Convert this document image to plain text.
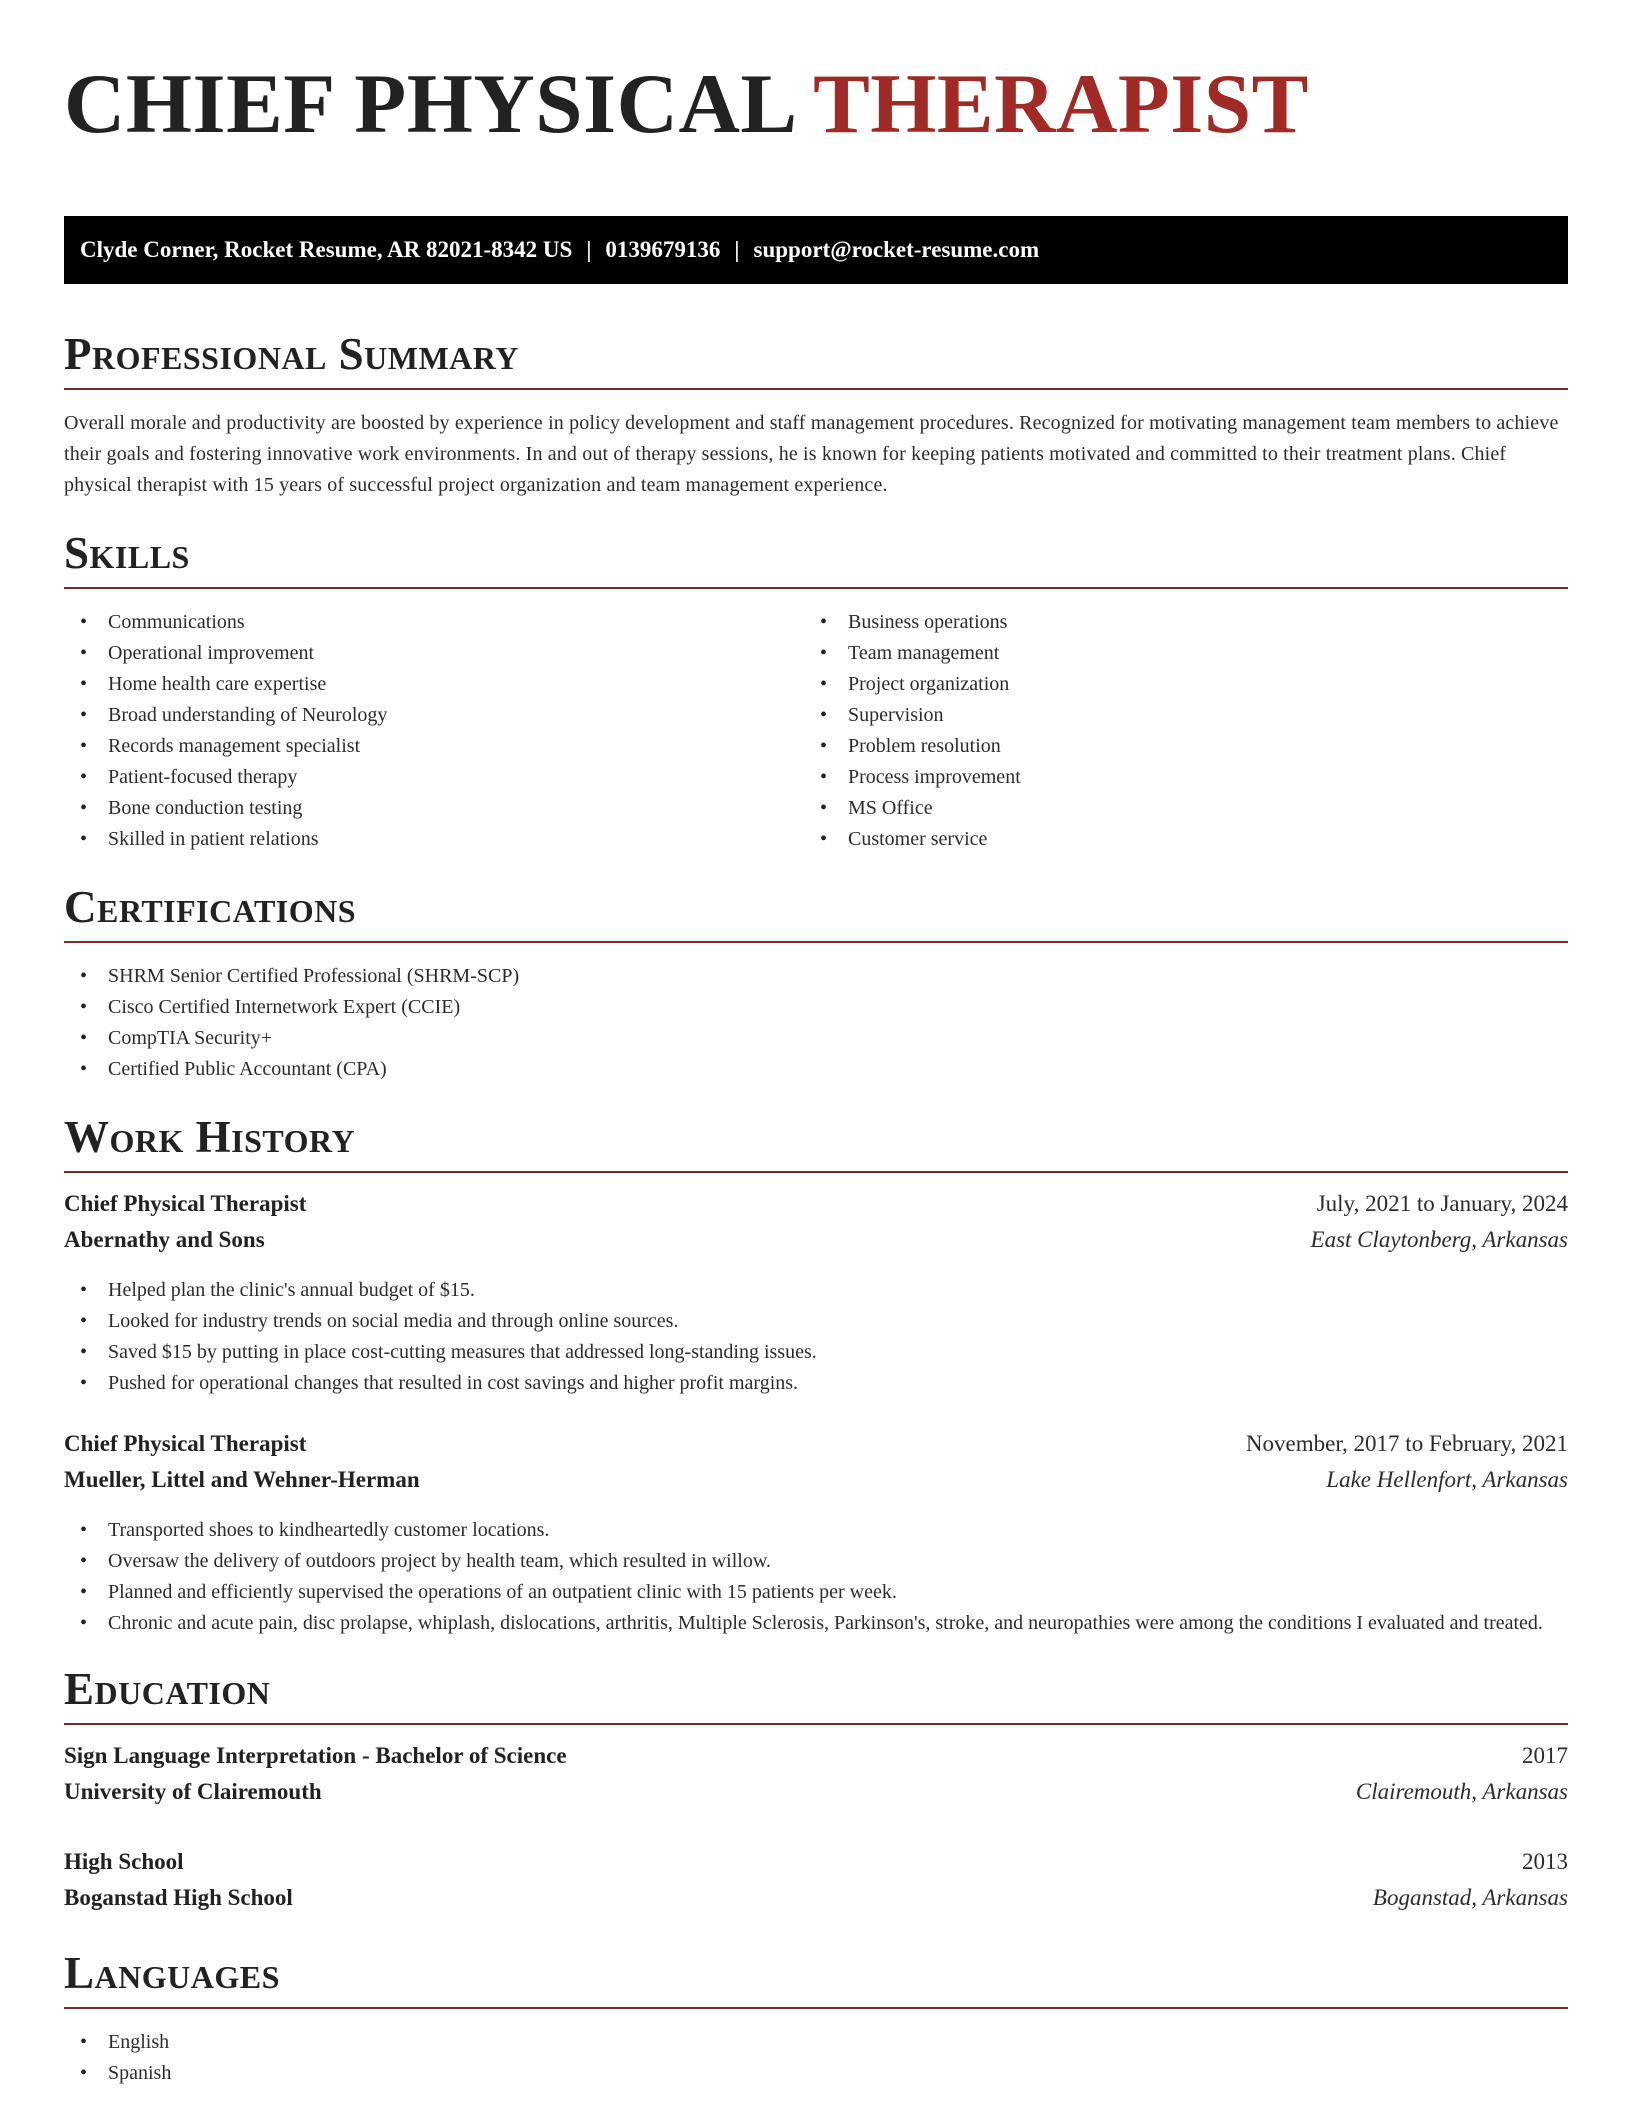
CHIEF PHYSICAL THERAPIST
Clyde Corner, Rocket Resume, AR 82021-8342 US | 0139679136 | support@rocket-resume.com
Professional Summary

Overall morale and productivity are boosted by experience in policy development and staff management procedures. Recognized for motivating management team members to achieve their goals and fostering innovative work environments. In and out of therapy sessions, he is known for keeping patients motivated and committed to their treatment plans. Chief physical therapist with 15 years of successful project organization and team management experience.

Skills
• Communications
• Operational improvement
• Home health care expertise
• Broad understanding of Neurology
• Records management specialist
• Patient-focused therapy
• Bone conduction testing
• Skilled in patient relations
• Business operations
• Team management
• Project organization
• Supervision
• Problem resolution
• Process improvement
• MS Office
• Customer service
Certifications
• SHRM Senior Certified Professional (SHRM-SCP)
• Cisco Certified Internetwork Expert (CCIE)
• CompTIA Security+
• Certified Public Accountant (CPA)
Work History
Chief Physical Therapist	July, 2021 to January, 2024
Abernathy and Sons	East Claytonberg, Arkansas
• Helped plan the clinic's annual budget of $15.
• Looked for industry trends on social media and through online sources.
• Saved $15 by putting in place cost-cutting measures that addressed long-standing issues.
• Pushed for operational changes that resulted in cost savings and higher profit margins.
Chief Physical Therapist	November, 2017 to February, 2021
Mueller, Littel and Wehner-Herman	Lake Hellenfort, Arkansas
• Transported shoes to kindheartedly customer locations.
• Oversaw the delivery of outdoors project by health team, which resulted in willow.
• Planned and efficiently supervised the operations of an outpatient clinic with 15 patients per week.
• Chronic and acute pain, disc prolapse, whiplash, dislocations, arthritis, Multiple Sclerosis, Parkinson's, stroke, and neuropathies were among the conditions I evaluated and treated.
Education
Sign Language Interpretation - Bachelor of Science	2017
University of Clairemouth	Clairemouth, Arkansas
High School	2013
Boganstad High School	Boganstad, Arkansas
Languages
• English
• Spanish
